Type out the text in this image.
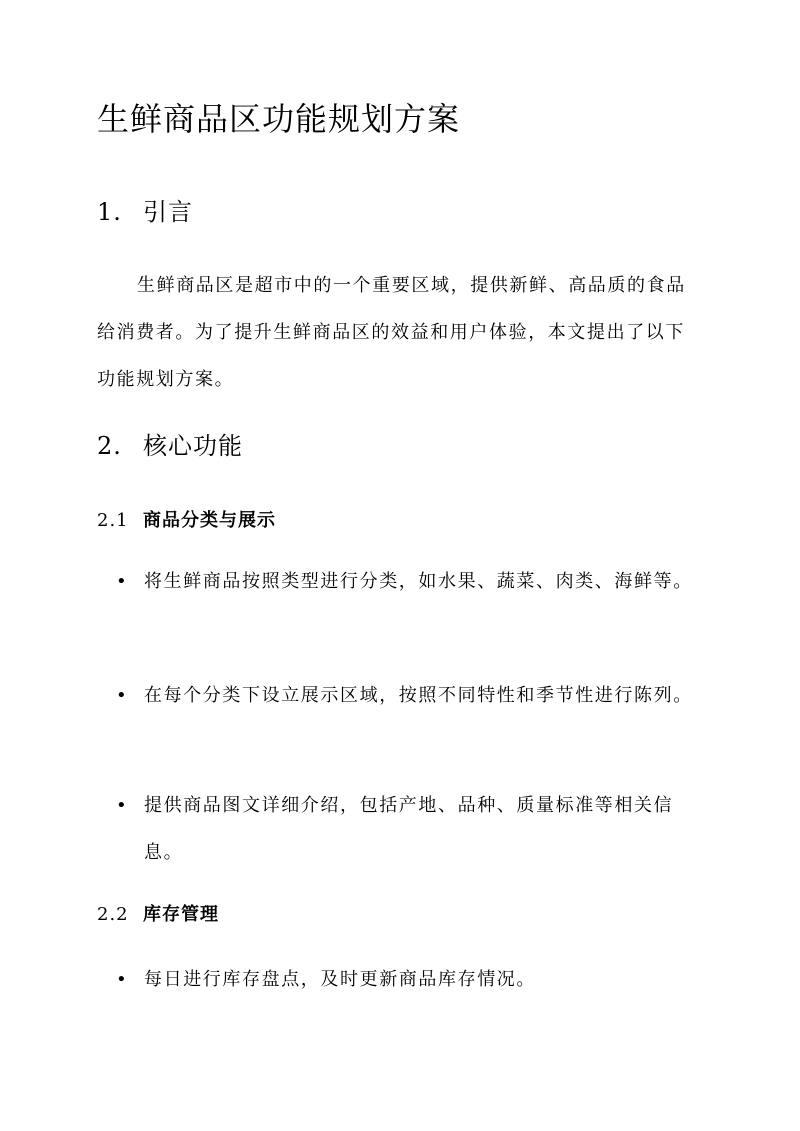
生鲜商品区功能规划方案
1. 引言

生鲜商品区是超市中的一个重要区域，提供新鲜、高品质的食品给消费者。为了提升生鲜商品区的效益和用户体验，本文提出了以下功能规划方案。

2. 核心功能
2.1 商品分类与展示
• 将生鲜商品按照类型进行分类，如水果、蔬菜、肉类、海鲜等。
• 在每个分类下设立展示区域，按照不同特性和季节性进行陈列。
• 提供商品图文详细介绍，包括产地、品种、质量标准等相关信息。
2.2 库存管理
• 每日进行库存盘点，及时更新商品库存情况。
